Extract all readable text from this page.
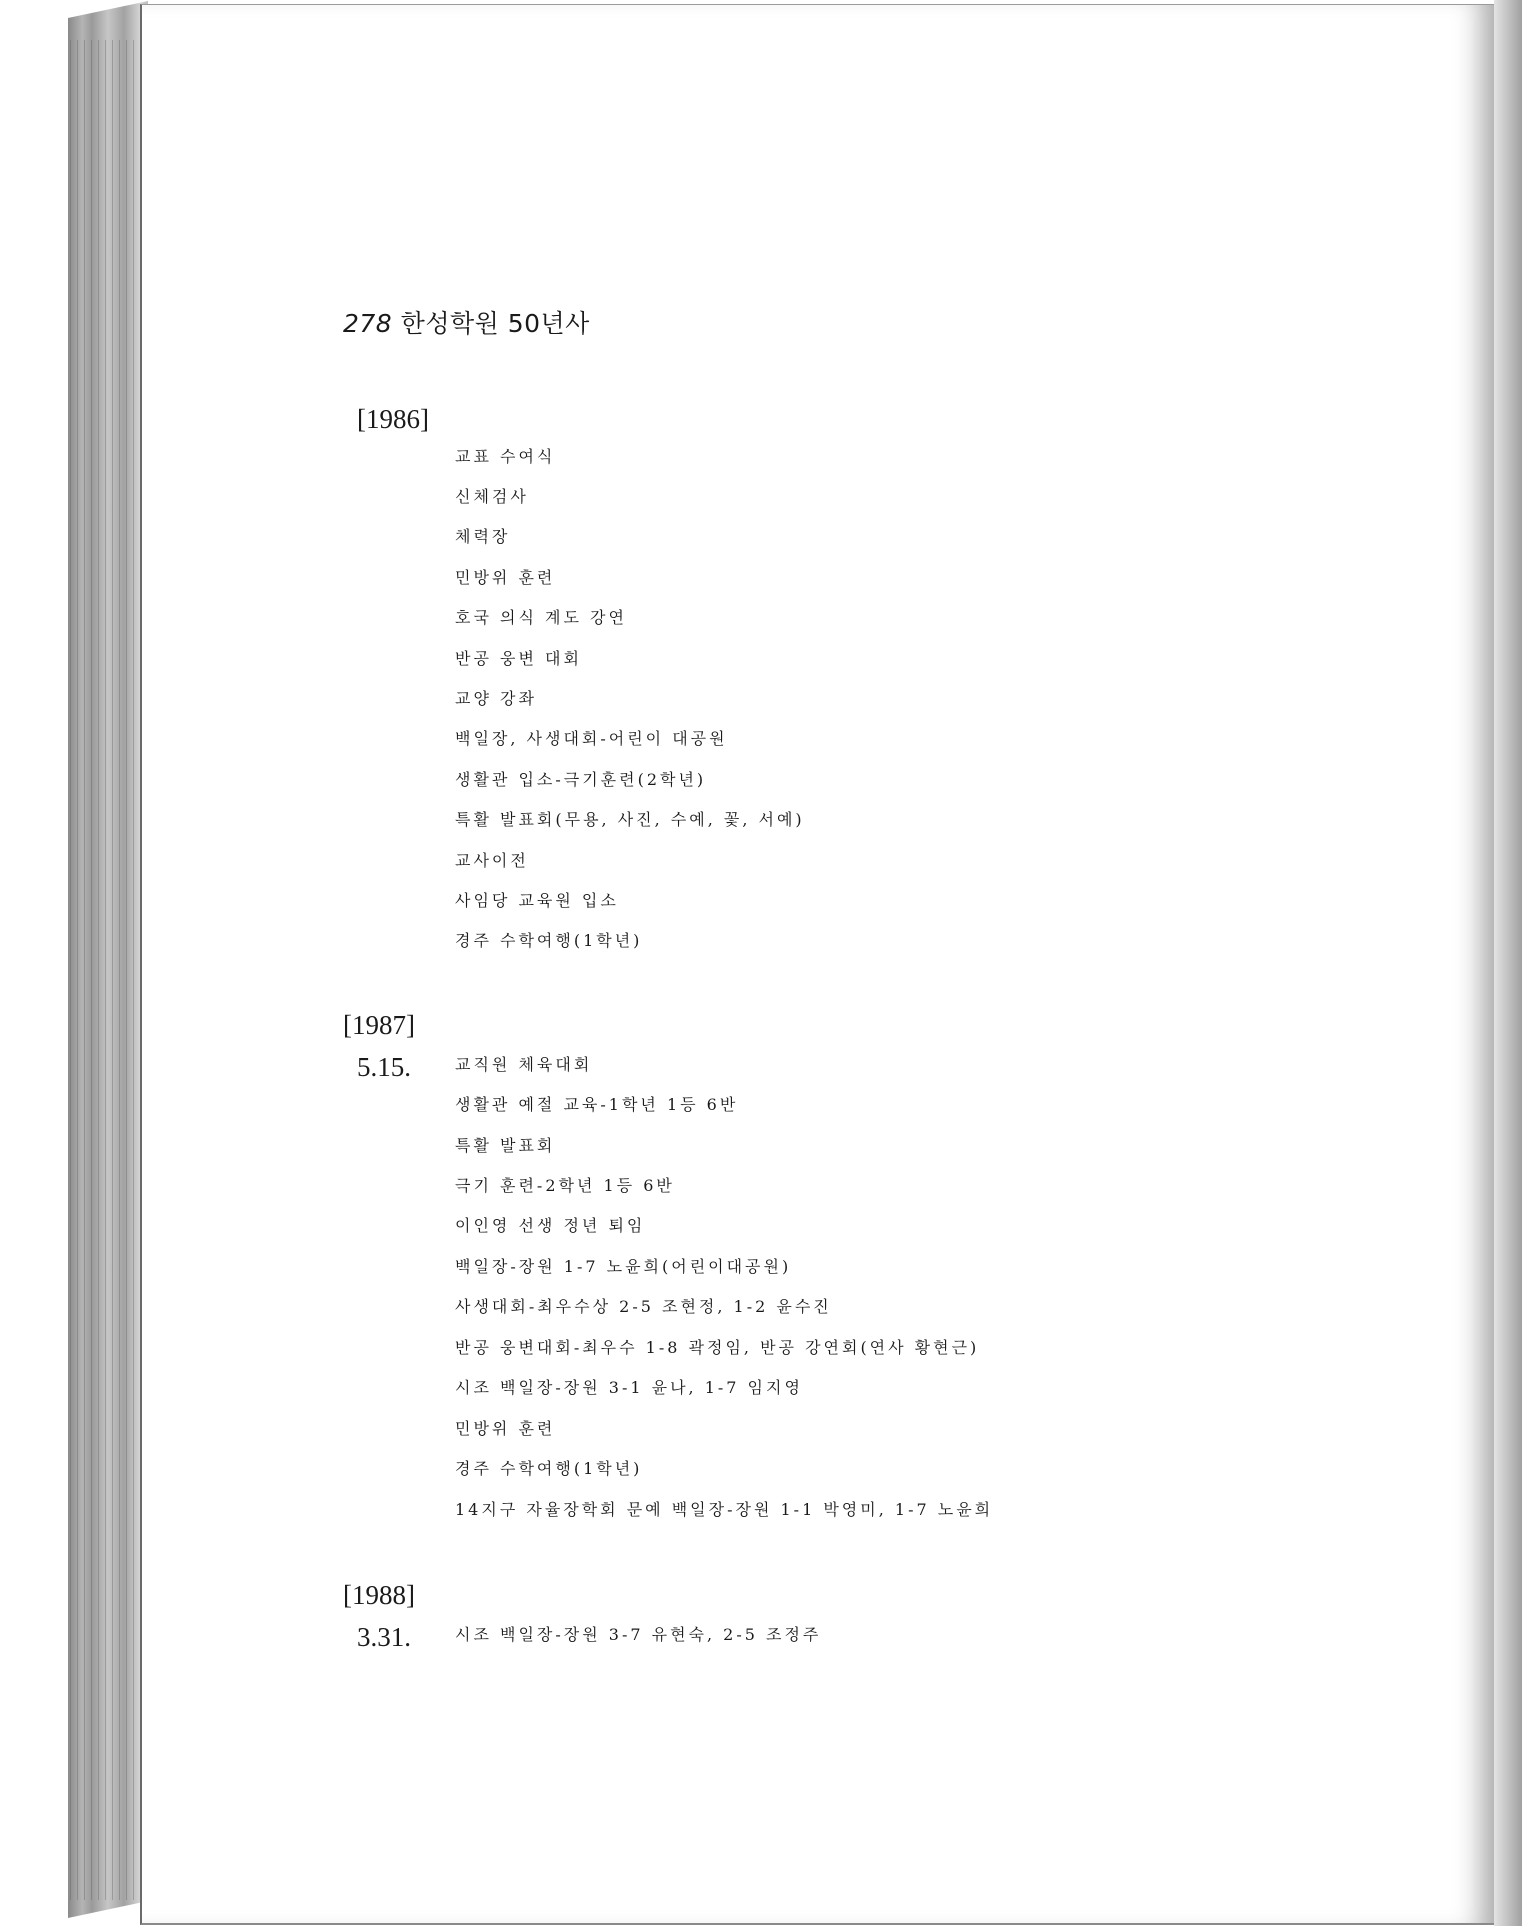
278 한성학원 50년사
[1986]
교표 수여식
신체검사
체력장
민방위 훈련
호국 의식 계도 강연
반공 웅변 대회
교양 강좌
백일장, 사생대회-어린이 대공원
생활관 입소-극기훈련(2학년)
특활 발표회(무용, 사진, 수예, 꽃, 서예)
교사이전
사임당 교육원 입소
경주 수학여행(1학년)
[1987]
5.15.	교직원 체육대회
생활관 예절 교육-1학년 1등 6반
특활 발표회
극기 훈련-2학년 1등 6반
이인영 선생 정년 퇴임
백일장-장원 1-7 노윤희(어린이대공원)
사생대회-최우수상 2-5 조현정, 1-2 윤수진
반공 웅변대회-최우수 1-8 곽정임, 반공 강연회(연사 황현근)
시조 백일장-장원 3-1 윤나, 1-7 임지영
민방위 훈련
경주 수학여행(1학년)
14지구 자율장학회 문예 백일장-장원 1-1 박영미, 1-7 노윤희
[1988]
3.31.	시조 백일장-장원 3-7 유현숙, 2-5 조정주
